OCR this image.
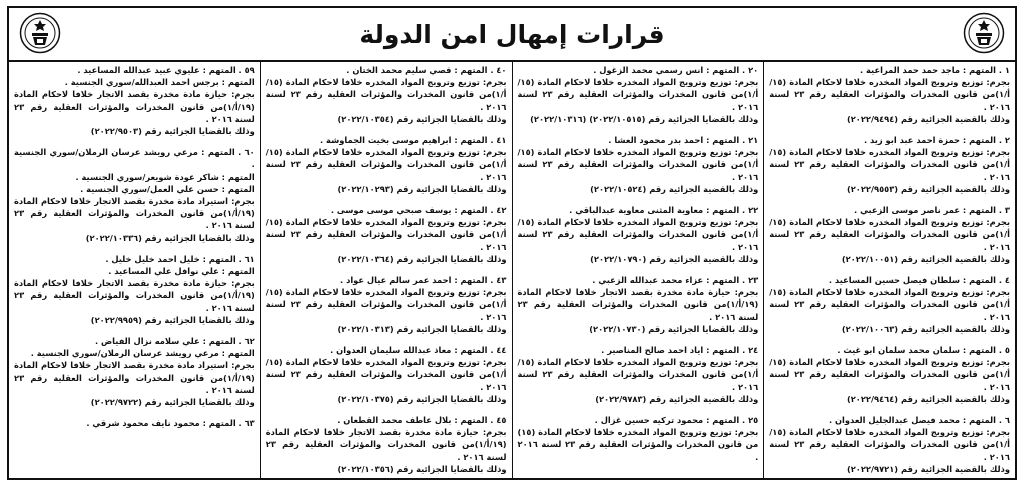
قرارات إمهال امن الدولة
١ . المتهم : ماجد حمد حمد المراعية .
بجرم: توزيع وترويج المواد المخدره خلافا لاحكام المادة (١٥/أ/١)من قانون المخدرات والمؤثرات العقلية رقم ٢٣ لسنة ٢٠١٦ .
وذلك بالقضية الجزائية رقم (٢٠٢٢/٩٤٩٤)
٢ . المتهم : حمزة احمد عبد ابو زيد .
بجرم: توزيع وترويج المواد المخدره خلافا لاحكام المادة (١٥/أ/١)من قانون المخدرات والمؤثرات العقلية رقم ٢٣ لسنة ٢٠١٦ .
وذلك بالقضية الجزائية رقم (٢٠٢٢/٩٥٥٣)
٣ . المتهم : عمر ناصر موسى الزعبي .
بجرم: توزيع وترويج المواد المخدره خلافا لاحكام المادة (١٥/أ/١)من قانون المخدرات والمؤثرات العقلية رقم ٢٣ لسنة ٢٠١٦ .
وذلك بالقضية الجزائية رقم (٢٠٢٢/١٠٠٥١)
٤ . المتهم : سلطان فيصل حسين المساعيد .
بجرم: توزيع وترويج المواد المخدره خلافا لاحكام المادة (١٥/أ/١)من قانون المخدرات والمؤثرات العقلية رقم ٢٣ لسنة ٢٠١٦ .
وذلك بالقضية الجزائية رقم (٢٠٢٢/١٠٠٦٣)
٥ . المتهم : سلمان محمد سلمان ابو غيث .
بجرم: توزيع وترويج المواد المخدره خلافا لاحكام المادة (١٥/أ/١)من قانون المخدرات والمؤثرات العقلية رقم ٢٣ لسنة ٢٠١٦ .
وذلك بالقضية الجزائية رقم (٢٠٢٢/٩٤٦٤)
٦ . المتهم : محمد فيصل عبدالجليل العدوان .
بجرم: توزيع وترويج المواد المخدره خلافا لاحكام المادة (١٥/أ/١)من قانون المخدرات والمؤثرات العقلية رقم ٢٣ لسنة ٢٠١٦ .
وذلك بالقضية الجزائية رقم (٢٠٢٢/٩٧٢١)
٢٠ . المتهم : انس رسمي محمد الزغول .
بجرم: توزيع وترويج المواد المخدره خلافا لاحكام المادة (١٥/أ/١)من قانون المخدرات والمؤثرات العقلية رقم ٢٣ لسنة ٢٠١٦ .
وذلك بالقضايا الجزائية رقم (٢٠٢٢/١٠٥١٥) (٢٠٢٢/١٠٣١٦)
٢١ . المتهم : احمد بدر محمود العشا .
بجرم: توزيع وترويج المواد المخدره خلافا لاحكام المادة (١٥/أ/١)من قانون المخدرات والمؤثرات العقلية رقم ٢٣ لسنة ٢٠١٦ .
وذلك بالقضية الجزائية رقم (٢٠٢٢/١٠٥٢٤)
٢٢ . المتهم : معاوية المثنى معاوية عبدالباقي .
بجرم: توزيع وترويج المواد المخدره خلافا لاحكام المادة (١٥/أ/١)من قانون المخدرات والمؤثرات العقلية رقم ٢٣ لسنة ٢٠١٦ .
وذلك بالقضية الجزائية رقم (٢٠٢٢/١٠٧٩٠)
٢٣ . المتهم : عزاء محمد عبدالله الزعبي .
بجرم: حيازة مادة مخدرة بقصد الاتجار خلافا لاحكام المادة (١٩/أ/١)من قانون المخدرات والمؤثرات العقلية رقم ٢٣ لسنة ٢٠١٦ .
وذلك بالقضايا الجزائية رقم (٢٠٢٢/١٠٧٣٠)
٢٤ . المتهم : اياد احمد صالح المناصير .
بجرم: توزيع وترويج المواد المخدره خلافا لاحكام المادة (١٥/أ/١)من قانون المخدرات والمؤثرات العقلية رقم ٢٣ لسنة ٢٠١٦ .
وذلك بالقضية الجزائية رقم (٢٠٢٢/٩٧٨٣)
٢٥ . المتهم : محمود تركيه حسين غزال .
بجرم: توزيع وترويج المواد المخدره خلافا لاحكام المادة (١٥) من قانون المخدرات والمؤثرات العقلية رقم ٢٣ لسنة ٢٠١٦ .
٤٠ . المتهم : قصي سليم محمد الختان .
بجرم: توزيع وترويج المواد المخدره خلافا لاحكام المادة (١٥/أ/١)من قانون المخدرات والمؤثرات العقلية رقم ٢٣ لسنة ٢٠١٦ .
وذلك بالقضايا الجزائية رقم (٢٠٢٢/١٠٣٥٤)
٤١ . المتهم : ابراهيم موسى بخيت الجماوشة .
بجرم: توزيع وترويج المواد المخدره خلافا لاحكام المادة (١٥/أ/١)من قانون المخدرات والمؤثرات العقلية رقم ٢٣ لسنة ٢٠١٦ .
وذلك بالقضايا الجزائية رقم (٢٠٢٢/١٠٢٩٣)
٤٢ . المتهم : يوسف صبحي موسى موسى .
بجرم: توزيع وترويج المواد المخدره خلافا لاحكام المادة (١٥/أ/١)من قانون المخدرات والمؤثرات العقلية رقم ٢٣ لسنة ٢٠١٦ .
وذلك بالقضايا الجزائية رقم (٢٠٢٢/١٠٣٦٤)
٤٣ . المتهم : احمد عمر سالم عيال عواد .
بجرم: توزيع وترويج المواد المخدره خلافا لاحكام المادة (١٥/أ/١)من قانون المخدرات والمؤثرات العقلية رقم ٢٣ لسنة ٢٠١٦ .
وذلك بالقضايا الجزائية رقم (٢٠٢٢/١٠٣١٣)
٤٤ . المتهم : معاذ عبدالله سليمان العدوان .
بجرم: توزيع وترويج المواد المخدره خلافا لاحكام المادة (١٥/أ/١)من قانون المخدرات والمؤثرات العقلية رقم ٢٣ لسنة ٢٠١٦ .
وذلك بالقضايا الجزائية رقم (٢٠٢٢/١٠٣٧٥)
٤٥ . المتهم : بلال عاطف محمد القطعان .
بجرم: حيازة مادة مخدرة بقصد الاتجار خلافا لاحكام المادة (١٩/أ/١)من قانون المخدرات والمؤثرات العقلية رقم ٢٣ لسنة ٢٠١٦ .
وذلك بالقضايا الجزائية رقم (٢٠٢٢/١٠٣٥٦)
٥٩ . المتهم : عليوي عبيد عبدالله المساعيد .
المتهم : برجس احمد العبدالله/سوري الجنسية .
بجرم: حيازة مادة مخدرة بقصد الاتجار خلافا لاحكام المادة (١٩/أ/١)من قانون المخدرات والمؤثرات العقلية رقم ٢٣ لسنة ٢٠١٦ .
وذلك بالقضايا الجزائية رقم (٢٠٢٢/٩٥٠٣)
٦٠ . المتهم : مرعي رويشد عرسان الرملان/سوري الجنسية .
المتهم : شاكر عودة شويعر/سوري الجنسية .
المتهم : حسن علي العمل/سوري الجنسية .
بجرم: استيراد مادة مخدرة بقصد الاتجار خلافا لاحكام المادة (١٩/أ/١)من قانون المخدرات والمؤثرات العقلية رقم ٢٣ لسنة ٢٠١٦ .
وذلك بالقضايا الجزائية رقم (٢٠٢٢/١٠٣٣٦)
٦١ . المتهم : خليل احمد خليل خليل .
المتهم : علي نوافل علي المساعيد .
بجرم: حيازة مادة مخدرة بقصد الاتجار خلافا لاحكام المادة (١٩/أ/١)من قانون المخدرات والمؤثرات العقلية رقم ٢٣ لسنة ٢٠١٦ .
وذلك بالقضايا الجزائية رقم (٢٠٢٢/٩٩٥٩)
٦٢ . المتهم : علي سلامه نزال الفياض .
المتهم : مرعي رويشد عرسان الرملان/سوري الجنسية .
بجرم: استيراد مادة مخدرة بقصد الاتجار خلافا لاحكام المادة (١٩/أ/١)من قانون المخدرات والمؤثرات العقلية رقم ٢٣ لسنة ٢٠١٦ .
وذلك بالقضايا الجزائية رقم (٢٠٢٢/٩٧٢٢)
٦٣ . المتهم : محمود نايف محمود شرقي .
